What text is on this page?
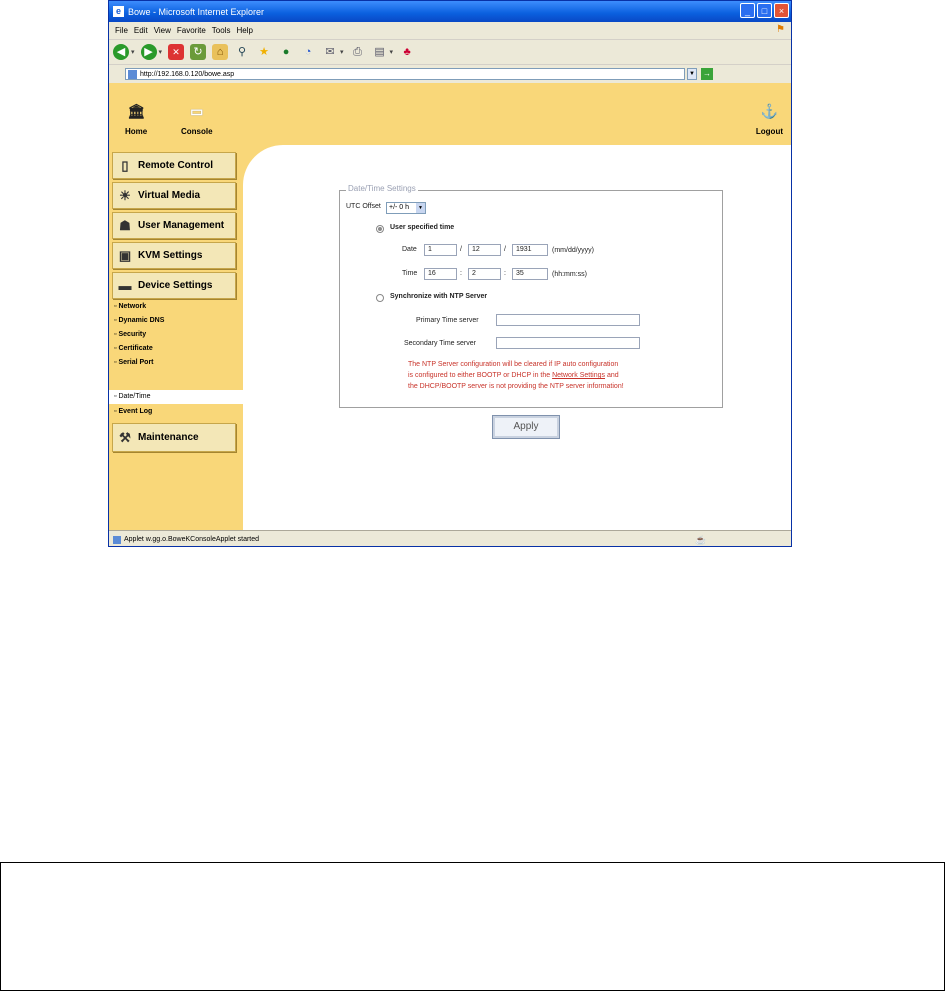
e Bowe - Microsoft Internet Explorer	_	□	×
File Edit View Favorite Tools Help	⚑
◀ ▾ ▶ ▾	✕	↻	⌂	⚲	★	●	◔	✉ ▾ ⎙	▤ ▾ ♣
http://192.168.0.120/bowe.asp	▼ →
🏛
Home
▭
Console
⚓
Logout
▯ Remote Control
☀ Virtual Media
☗ User Management
▣ KVM Settings
▬ Device Settings
▫ Network
▫ Dynamic DNS
▫ Security
▫ Certificate
▫ Serial Port
▫ Date/Time
▫ Event Log
⚒ Maintenance
Date/Time Settings
UTC Offset	+/- 0 h	▼
User specified time
Date	1	/	12	/	1931	(mm/dd/yyyy)
Time	16	:	2	:	35	(hh:mm:ss)
Synchronize with NTP Server
Primary Time server
Secondary Time server
The NTP Server configuration will be cleared if IP auto configuration
is configured to either BOOTP or DHCP in the Network Settings and
the DHCP/BOOTP server is not providing the NTP server information!
Apply
Applet w.gg.o.BoweKConsoleApplet started	☕
